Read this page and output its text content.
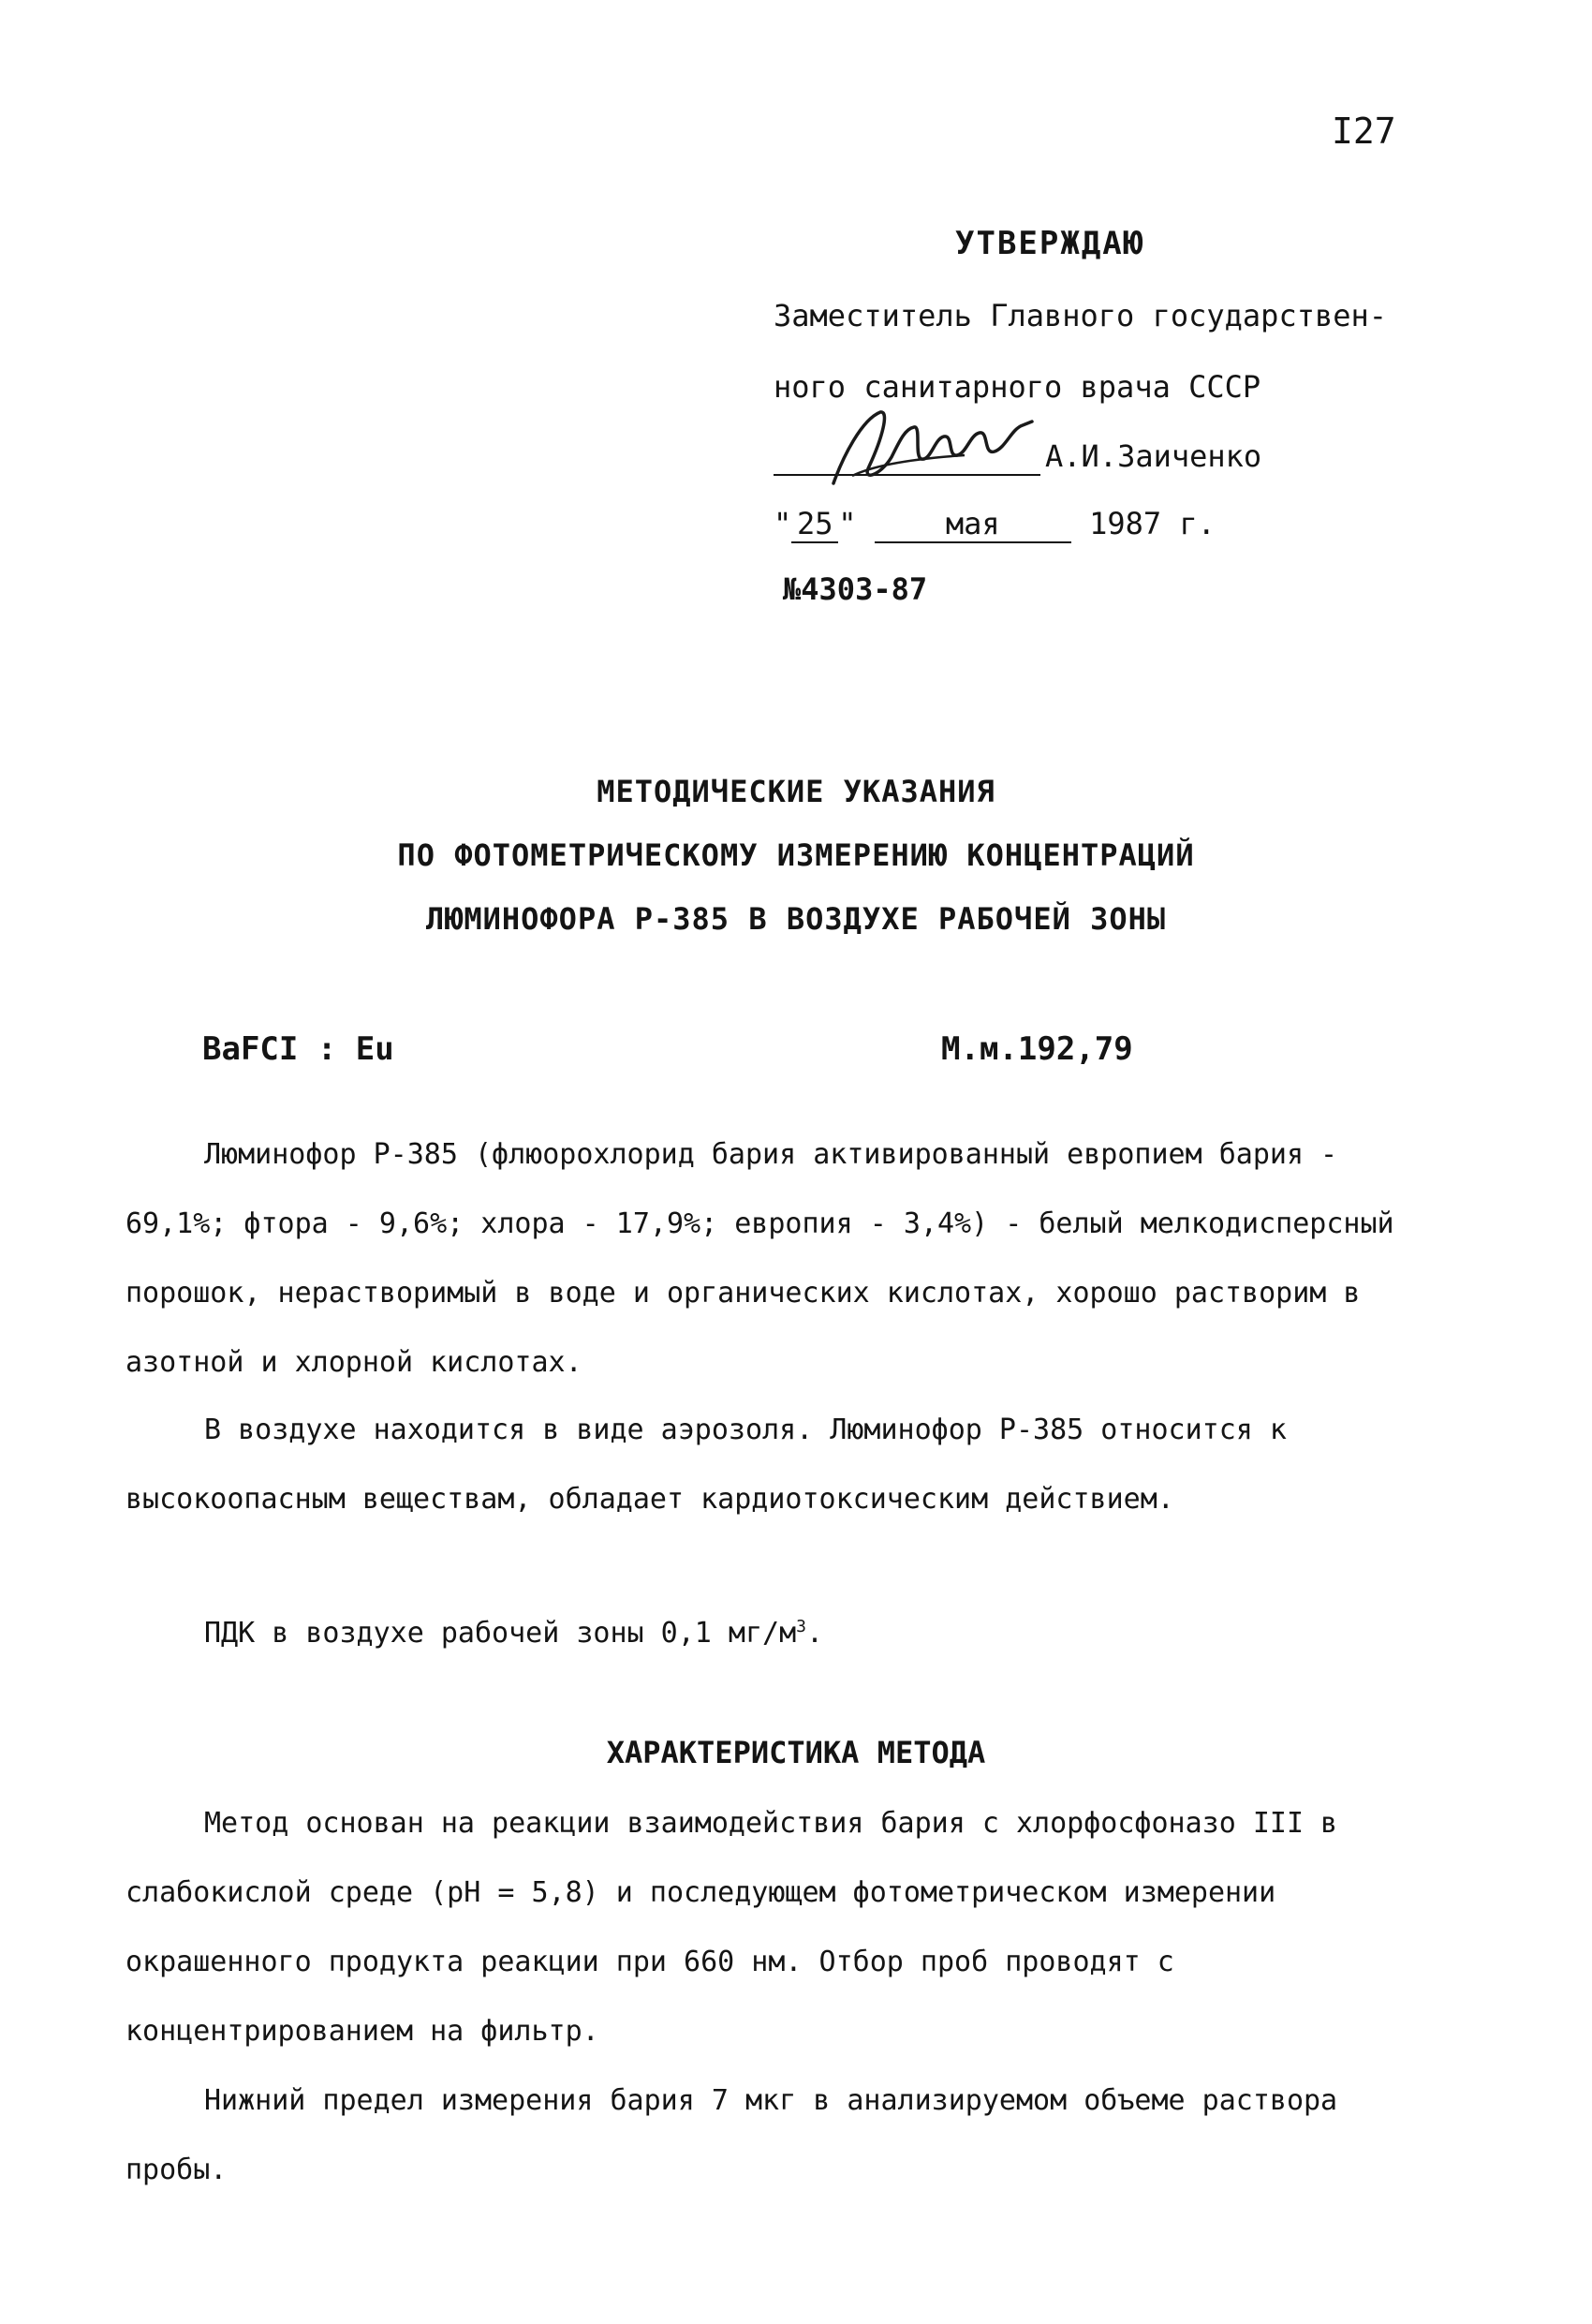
I27
УТВЕРЖДАЮ
Заместитель Главного государствен-
ного санитарного врача СССР
А.И.Заиченко
" 25 "	мая	1987 г.
№4303-87
МЕТОДИЧЕСКИЕ УКАЗАНИЯ
ПО ФОТОМЕТРИЧЕСКОМУ ИЗМЕРЕНИЮ КОНЦЕНТРАЦИЙ
ЛЮМИНОФОРА Р-385 В ВОЗДУХЕ РАБОЧЕЙ ЗОНЫ
BaFCI : Eu	М.м.192,79
Люминофор Р-385 (флюорохлорид бария активированный европием бария - 69,1%; фтора - 9,6%; хлора - 17,9%; европия - 3,4%) - белый мелкодисперсный порошок, нерастворимый в воде и органических кислотах, хорошо растворим в азотной и хлорной кислотах.
В воздухе находится в виде аэрозоля. Люминофор Р-385 относится к высокоопасным веществам, обладает кардиотоксическим действием.
ПДК в воздухе рабочей зоны 0,1 $мг/м^3$.
ХАРАКТЕРИСТИКА МЕТОДА
Метод основан на реакции взаимодействия бария с хлорфосфоназо III в слабокислой среде (рН = 5,8) и последующем фотометрическом измерении окрашенного продукта реакции при 660 нм. Отбор проб проводят с концентрированием на фильтр.
Нижний предел измерения бария 7 мкг в анализируемом объеме раствора пробы.
